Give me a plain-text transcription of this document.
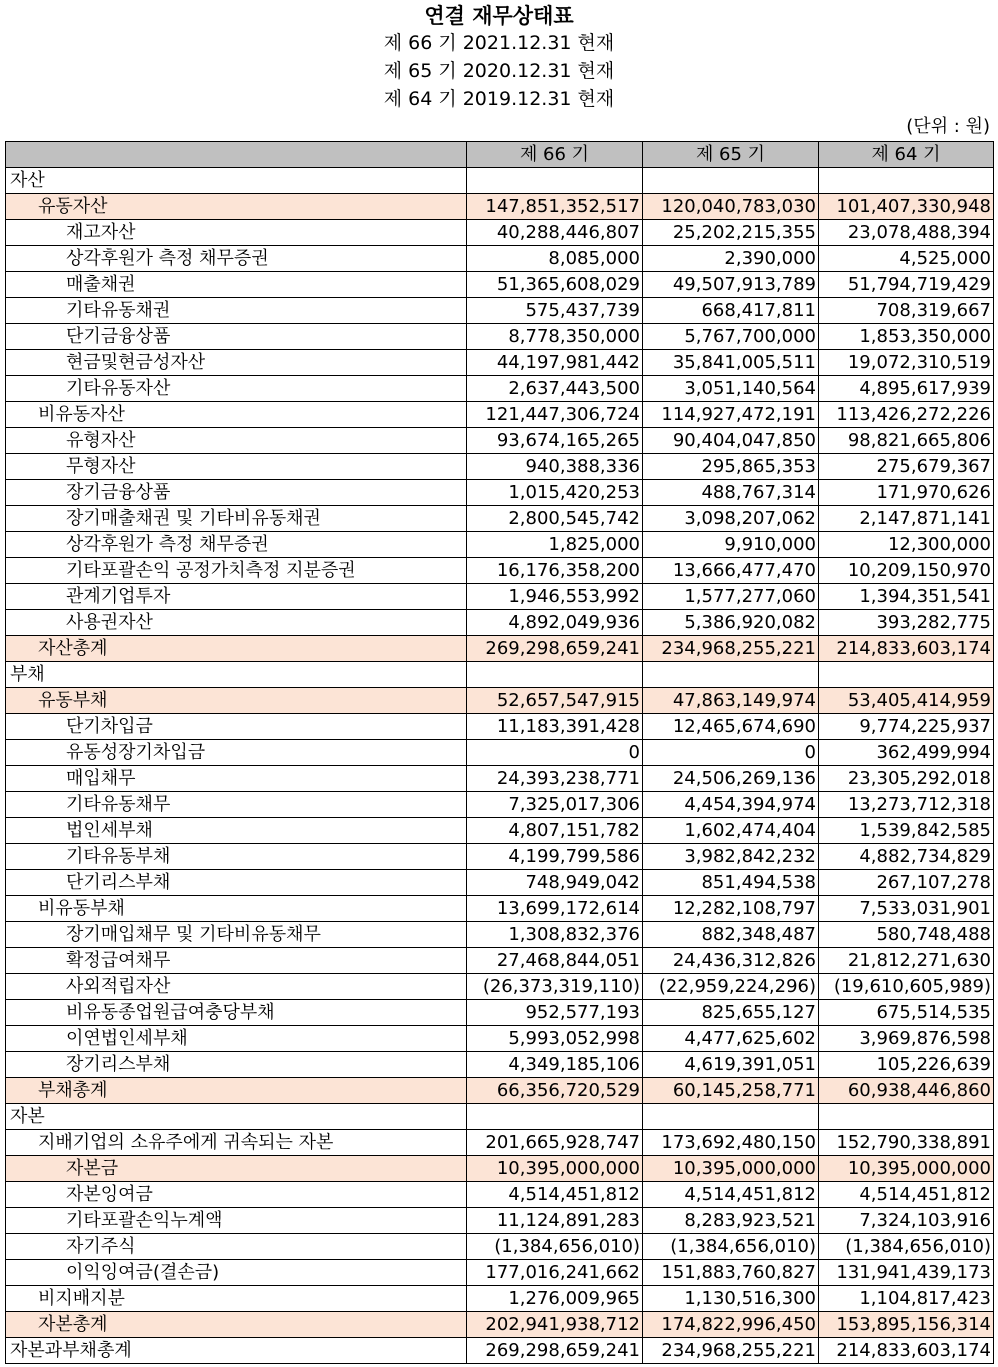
연결 재무상태표
제 66 기 2021.12.31 현재
제 65 기 2020.12.31 현재
제 64 기 2019.12.31 현재
(단위 : 원)
	제 66 기	제 65 기	제 64 기
자산			
유동자산	147,851,352,517	120,040,783,030	101,407,330,948
재고자산	40,288,446,807	25,202,215,355	23,078,488,394
상각후원가 측정 채무증권	8,085,000	2,390,000	4,525,000
매출채권	51,365,608,029	49,507,913,789	51,794,719,429
기타유동채권	575,437,739	668,417,811	708,319,667
단기금융상품	8,778,350,000	5,767,700,000	1,853,350,000
현금및현금성자산	44,197,981,442	35,841,005,511	19,072,310,519
기타유동자산	2,637,443,500	3,051,140,564	4,895,617,939
비유동자산	121,447,306,724	114,927,472,191	113,426,272,226
유형자산	93,674,165,265	90,404,047,850	98,821,665,806
무형자산	940,388,336	295,865,353	275,679,367
장기금융상품	1,015,420,253	488,767,314	171,970,626
장기매출채권 및 기타비유동채권	2,800,545,742	3,098,207,062	2,147,871,141
상각후원가 측정 채무증권	1,825,000	9,910,000	12,300,000
기타포괄손익 공정가치측정 지분증권	16,176,358,200	13,666,477,470	10,209,150,970
관계기업투자	1,946,553,992	1,577,277,060	1,394,351,541
사용권자산	4,892,049,936	5,386,920,082	393,282,775
자산총계	269,298,659,241	234,968,255,221	214,833,603,174
부채			
유동부채	52,657,547,915	47,863,149,974	53,405,414,959
단기차입금	11,183,391,428	12,465,674,690	9,774,225,937
유동성장기차입금	0	0	362,499,994
매입채무	24,393,238,771	24,506,269,136	23,305,292,018
기타유동채무	7,325,017,306	4,454,394,974	13,273,712,318
법인세부채	4,807,151,782	1,602,474,404	1,539,842,585
기타유동부채	4,199,799,586	3,982,842,232	4,882,734,829
단기리스부채	748,949,042	851,494,538	267,107,278
비유동부채	13,699,172,614	12,282,108,797	7,533,031,901
장기매입채무 및 기타비유동채무	1,308,832,376	882,348,487	580,748,488
확정급여채무	27,468,844,051	24,436,312,826	21,812,271,630
사외적립자산	(26,373,319,110)	(22,959,224,296)	(19,610,605,989)
비유동종업원급여충당부채	952,577,193	825,655,127	675,514,535
이연법인세부채	5,993,052,998	4,477,625,602	3,969,876,598
장기리스부채	4,349,185,106	4,619,391,051	105,226,639
부채총계	66,356,720,529	60,145,258,771	60,938,446,860
자본			
지배기업의 소유주에게 귀속되는 자본	201,665,928,747	173,692,480,150	152,790,338,891
자본금	10,395,000,000	10,395,000,000	10,395,000,000
자본잉여금	4,514,451,812	4,514,451,812	4,514,451,812
기타포괄손익누계액	11,124,891,283	8,283,923,521	7,324,103,916
자기주식	(1,384,656,010)	(1,384,656,010)	(1,384,656,010)
이익잉여금(결손금)	177,016,241,662	151,883,760,827	131,941,439,173
비지배지분	1,276,009,965	1,130,516,300	1,104,817,423
자본총계	202,941,938,712	174,822,996,450	153,895,156,314
자본과부채총계	269,298,659,241	234,968,255,221	214,833,603,174
